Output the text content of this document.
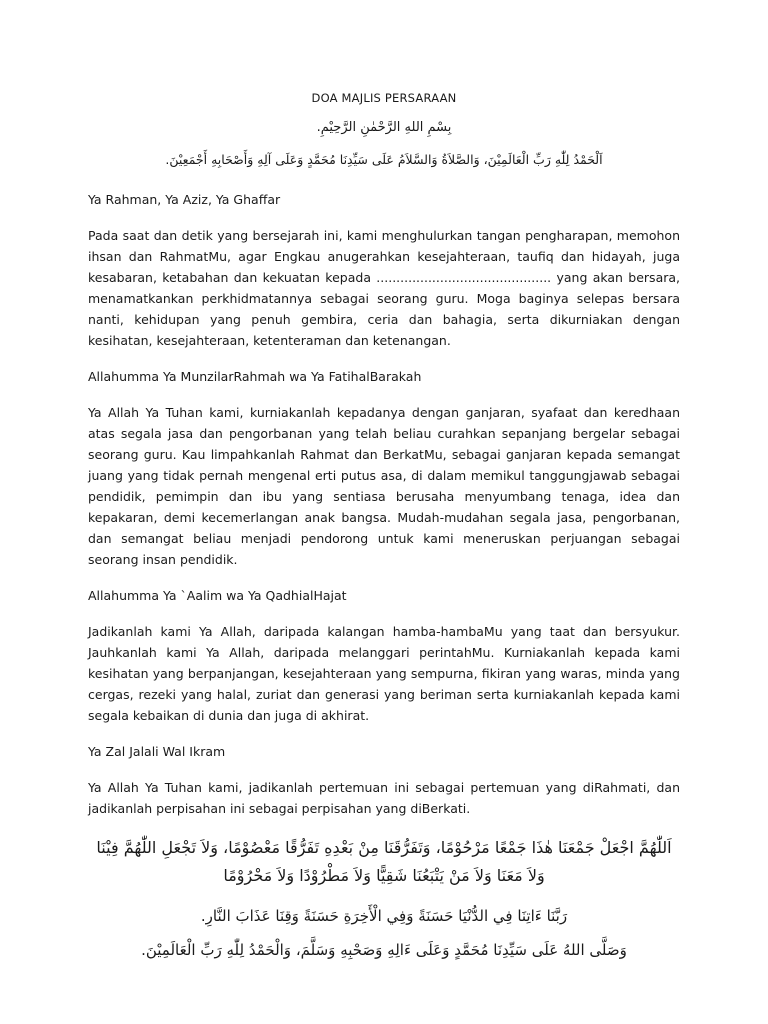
DOA MAJLIS PERSARAAN

بِسْمِ اللهِ الرَّحْمٰنِ الرَّحِيْمِ.

اَلْحَمْدُ لِلّٰهِ رَبِّ الْعَالَمِيْنَ، وَالصَّلاَةُ وَالسَّلاَمُ عَلَى سَيِّدِنَا مُحَمَّدٍ وَعَلَى آلِهِ وَأَصْحَابِهِ أَجْمَعِيْنَ.

Ya Rahman, Ya Aziz, Ya Ghaffar

Pada saat dan detik yang bersejarah ini, kami menghulurkan tangan pengharapan, memohon ihsan dan RahmatMu, agar Engkau anugerahkan kesejahteraan, taufiq dan hidayah, juga kesabaran, ketabahan dan kekuatan kepada ............................................ yang akan bersara, menamatkankan perkhidmatannya sebagai seorang guru. Moga baginya selepas bersara nanti, kehidupan yang penuh gembira, ceria dan bahagia, serta dikurniakan dengan kesihatan, kesejahteraan, ketenteraman dan ketenangan.

Allahumma Ya MunzilarRahmah wa Ya FatihalBarakah

Ya Allah Ya Tuhan kami, kurniakanlah kepadanya dengan ganjaran, syafaat dan keredhaan atas segala jasa dan pengorbanan yang telah beliau curahkan sepanjang bergelar sebagai seorang guru. Kau limpahkanlah Rahmat dan BerkatMu, sebagai ganjaran kepada semangat juang yang tidak pernah mengenal erti putus asa, di dalam memikul tanggungjawab sebagai pendidik, pemimpin dan ibu yang sentiasa berusaha menyumbang tenaga, idea dan kepakaran, demi kecemerlangan anak bangsa. Mudah-mudahan segala jasa, pengorbanan, dan semangat beliau menjadi pendorong untuk kami meneruskan perjuangan sebagai seorang insan pendidik.

Allahumma Ya `Aalim wa Ya QadhialHajat

Jadikanlah kami Ya Allah, daripada kalangan hamba-hambaMu yang taat dan bersyukur. Jauhkanlah kami Ya Allah, daripada melanggari perintahMu. Kurniakanlah kepada kami kesihatan yang berpanjangan, kesejahteraan yang sempurna, fikiran yang waras, minda yang cergas, rezeki yang halal, zuriat dan generasi yang beriman serta kurniakanlah kepada kami segala kebaikan di dunia dan juga di akhirat.

Ya Zal Jalali Wal Ikram

Ya Allah Ya Tuhan kami, jadikanlah pertemuan ini sebagai pertemuan yang diRahmati, dan jadikanlah perpisahan ini sebagai perpisahan yang diBerkati.

اَللّٰهُمَّ اجْعَلْ جَمْعَنَا هٰذَا جَمْعًا مَرْحُوْمًا، وَتَفَرُّقَنَا مِنْ بَعْدِهِ تَفَرُّقًا مَعْصُوْمًا، وَلاَ تَجْعَلِ اللّٰهُمَّ فِيْنَا وَلاَ مَعَنَا وَلاَ مَنْ يَتْبَعُنَا شَقِيًّا وَلاَ مَطْرُوْدًا وَلاَ مَحْرُوْمًا

رَبَّنَا ءَاتِنَا فِي الدُّنْيَا حَسَنَةً وَفِي الْأَخِرَةِ حَسَنَةً وَقِنَا عَذَابَ النَّارِ.

وَصَلَّى اللهُ عَلَى سَيِّدِنَا مُحَمَّدٍ وَعَلَى ءَالِهِ وَصَحْبِهِ وَسَلَّمَ، وَالْحَمْدُ لِلّٰهِ رَبِّ الْعَالَمِيْنَ.
